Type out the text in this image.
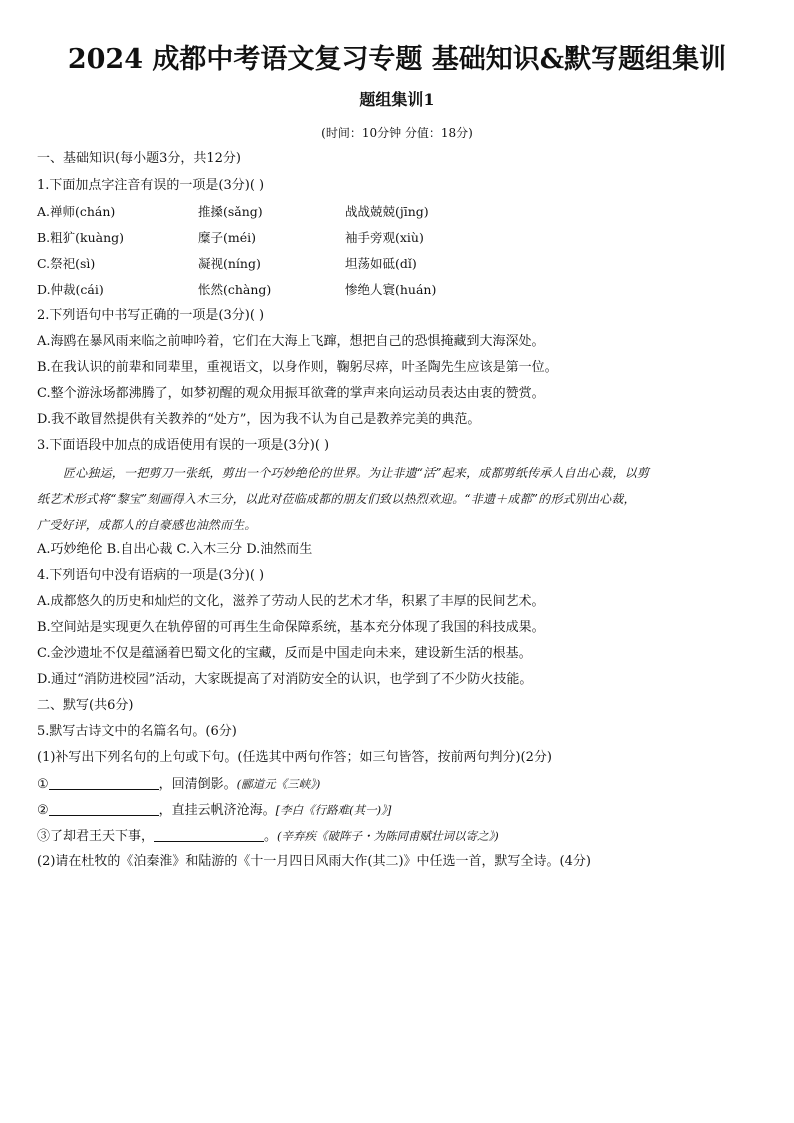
2024 成都中考语文复习专题 基础知识&默写题组集训
题组集训1
(时间：10分钟 分值：18分)
一、基础知识(每小题3分，共12分)
1.下面加点字注音有误的一项是(3分)( )
A.禅师(chán)	推搡(sǎng)	战战兢兢(jīng)
B.粗犷(kuàng)	糜子(méi)	袖手旁观(xiù)
C.祭祀(sì)	凝视(níng)	坦荡如砥(dǐ)
D.仲裁(cái)	怅然(chàng)	惨绝人寰(huán)
2.下列语句中书写正确的一项是(3分)( )
A.海鸥在暴风雨来临之前呻吟着，它们在大海上飞蹿，想把自己的恐惧掩藏到大海深处。
B.在我认识的前辈和同辈里，重视语文，以身作则，鞠躬尽瘁，叶圣陶先生应该是第一位。
C.整个游泳场都沸腾了，如梦初醒的观众用振耳欲聋的掌声来向运动员表达由衷的赞赏。
D.我不敢冒然提供有关教养的“处方”，因为我不认为自己是教养完美的典范。
3.下面语段中加点的成语使用有误的一项是(3分)( )

匠心独运，一把剪刀一张纸，剪出一个巧妙绝伦的世界。为让非遗“活”起来，成都剪纸传承人自出心裁，以剪

纸艺术形式将“黎宝”刻画得入木三分，以此对莅临成都的朋友们致以热烈欢迎。“非遗＋成都”的形式别出心裁，

广受好评，成都人的自豪感也油然而生。

A.巧妙绝伦 B.自出心裁 C.入木三分 D.油然而生
4.下列语句中没有语病的一项是(3分)( )
A.成都悠久的历史和灿烂的文化，滋养了劳动人民的艺术才华，积累了丰厚的民间艺术。
B.空间站是实现更久在轨停留的可再生生命保障系统，基本充分体现了我国的科技成果。
C.金沙遗址不仅是蕴涵着巴蜀文化的宝藏，反而是中国走向未来，建设新生活的根基。
D.通过“消防进校园”活动，大家既提高了对消防安全的认识，也学到了不少防火技能。
二、默写(共6分)
5.默写古诗文中的名篇名句。(6分)
(1)补写出下列名句的上句或下句。(任选其中两句作答；如三句皆答，按前两句判分)(2分)
①	，回清倒影。(郦道元《三峡》)
②	，直挂云帆济沧海。[李白《行路难(其一)》]
③了却君王天下事，	。(辛弃疾《破阵子・为陈同甫赋壮词以寄之》)
(2)请在杜牧的《泊秦淮》和陆游的《十一月四日风雨大作(其二)》中任选一首，默写全诗。(4分)
